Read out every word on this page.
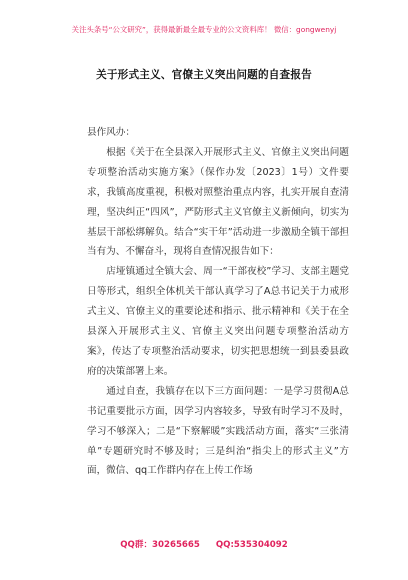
关注头条号“公文研究”，获得最新最全最专业的公文资料库！ 微信：gongwenyj
关于形式主义、官僚主义突出问题的自查报告

县作风办：

根据《关于在全县深入开展形式主义、官僚主义突出问题专项整治活动实施方案》（保作办发〔2023〕1号）文件要求，我镇高度重视，积极对照整治重点内容，扎实开展自查清理，坚决纠正“四风”，严防形式主义官僚主义新倾向，切实为基层干部松绑解负。结合“实干年”活动进一步激励全镇干部担当有为、不懈奋斗，现将自查情况报告如下：

店垭镇通过全镇大会、周一“干部夜校”学习、支部主题党日等形式，组织全体机关干部认真学习了A总书记关于力戒形式主义、官僚主义的重要论述和指示、批示精神和《关于在全县深入开展形式主义、官僚主义突出问题专项整治活动方案》，传达了专项整治活动要求，切实把思想统一到县委县政府的决策部署上来。

通过自查，我镇存在以下三方面问题：一是学习贯彻A总书记重要批示方面，因学习内容较多，导致有时学习不及时，学习不够深入；二是“下察解暖”实践活动方面，落实“三张清单”专题研究时不够及时；三是纠治“指尖上的形式主义”方面，微信、qq工作群内存在上传工作场

QQ群：30265665 QQ:535304092
